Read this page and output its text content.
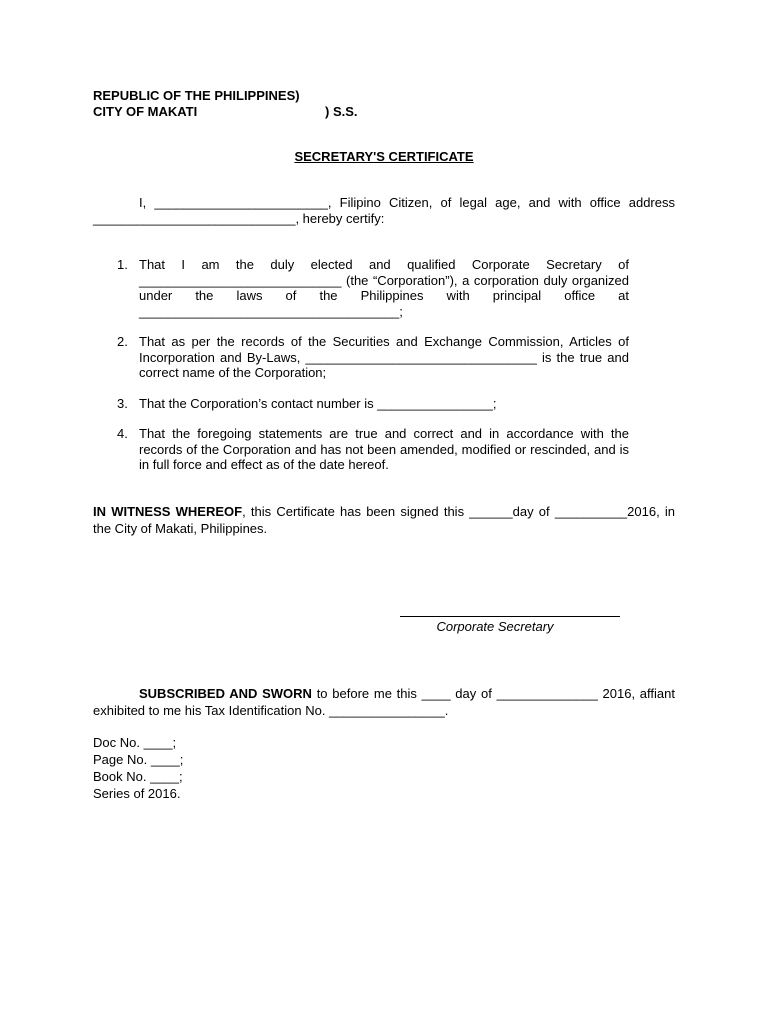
REPUBLIC OF THE PHILIPPINES)
CITY OF MAKATI	) S.S.
SECRETARY'S CERTIFICATE

I, ________________________, Filipino Citizen, of legal age, and with office address ____________________________, hereby certify:

1. That I am the duly elected and qualified Corporate Secretary of ____________________________ (the “Corporation”), a corporation duly organized under the laws of the Philippines with principal office at ____________________________________;

2. That as per the records of the Securities and Exchange Commission, Articles of Incorporation and By-Laws, ________________________________ is the true and correct name of the Corporation;

3. That the Corporation’s contact number is ________________;

4. That the foregoing statements are true and correct and in accordance with the records of the Corporation and has not been amended, modified or rescinded, and is in full force and effect as of the date hereof.

IN WITNESS WHEREOF, this Certificate has been signed this ______day of __________2016, in the City of Makati, Philippines.

Corporate Secretary

SUBSCRIBED AND SWORN to before me this ____ day of ______________ 2016, affiant exhibited to me his Tax Identification No. ________________.

Doc No. ____;
Page No. ____;
Book No. ____;
Series of 2016.
